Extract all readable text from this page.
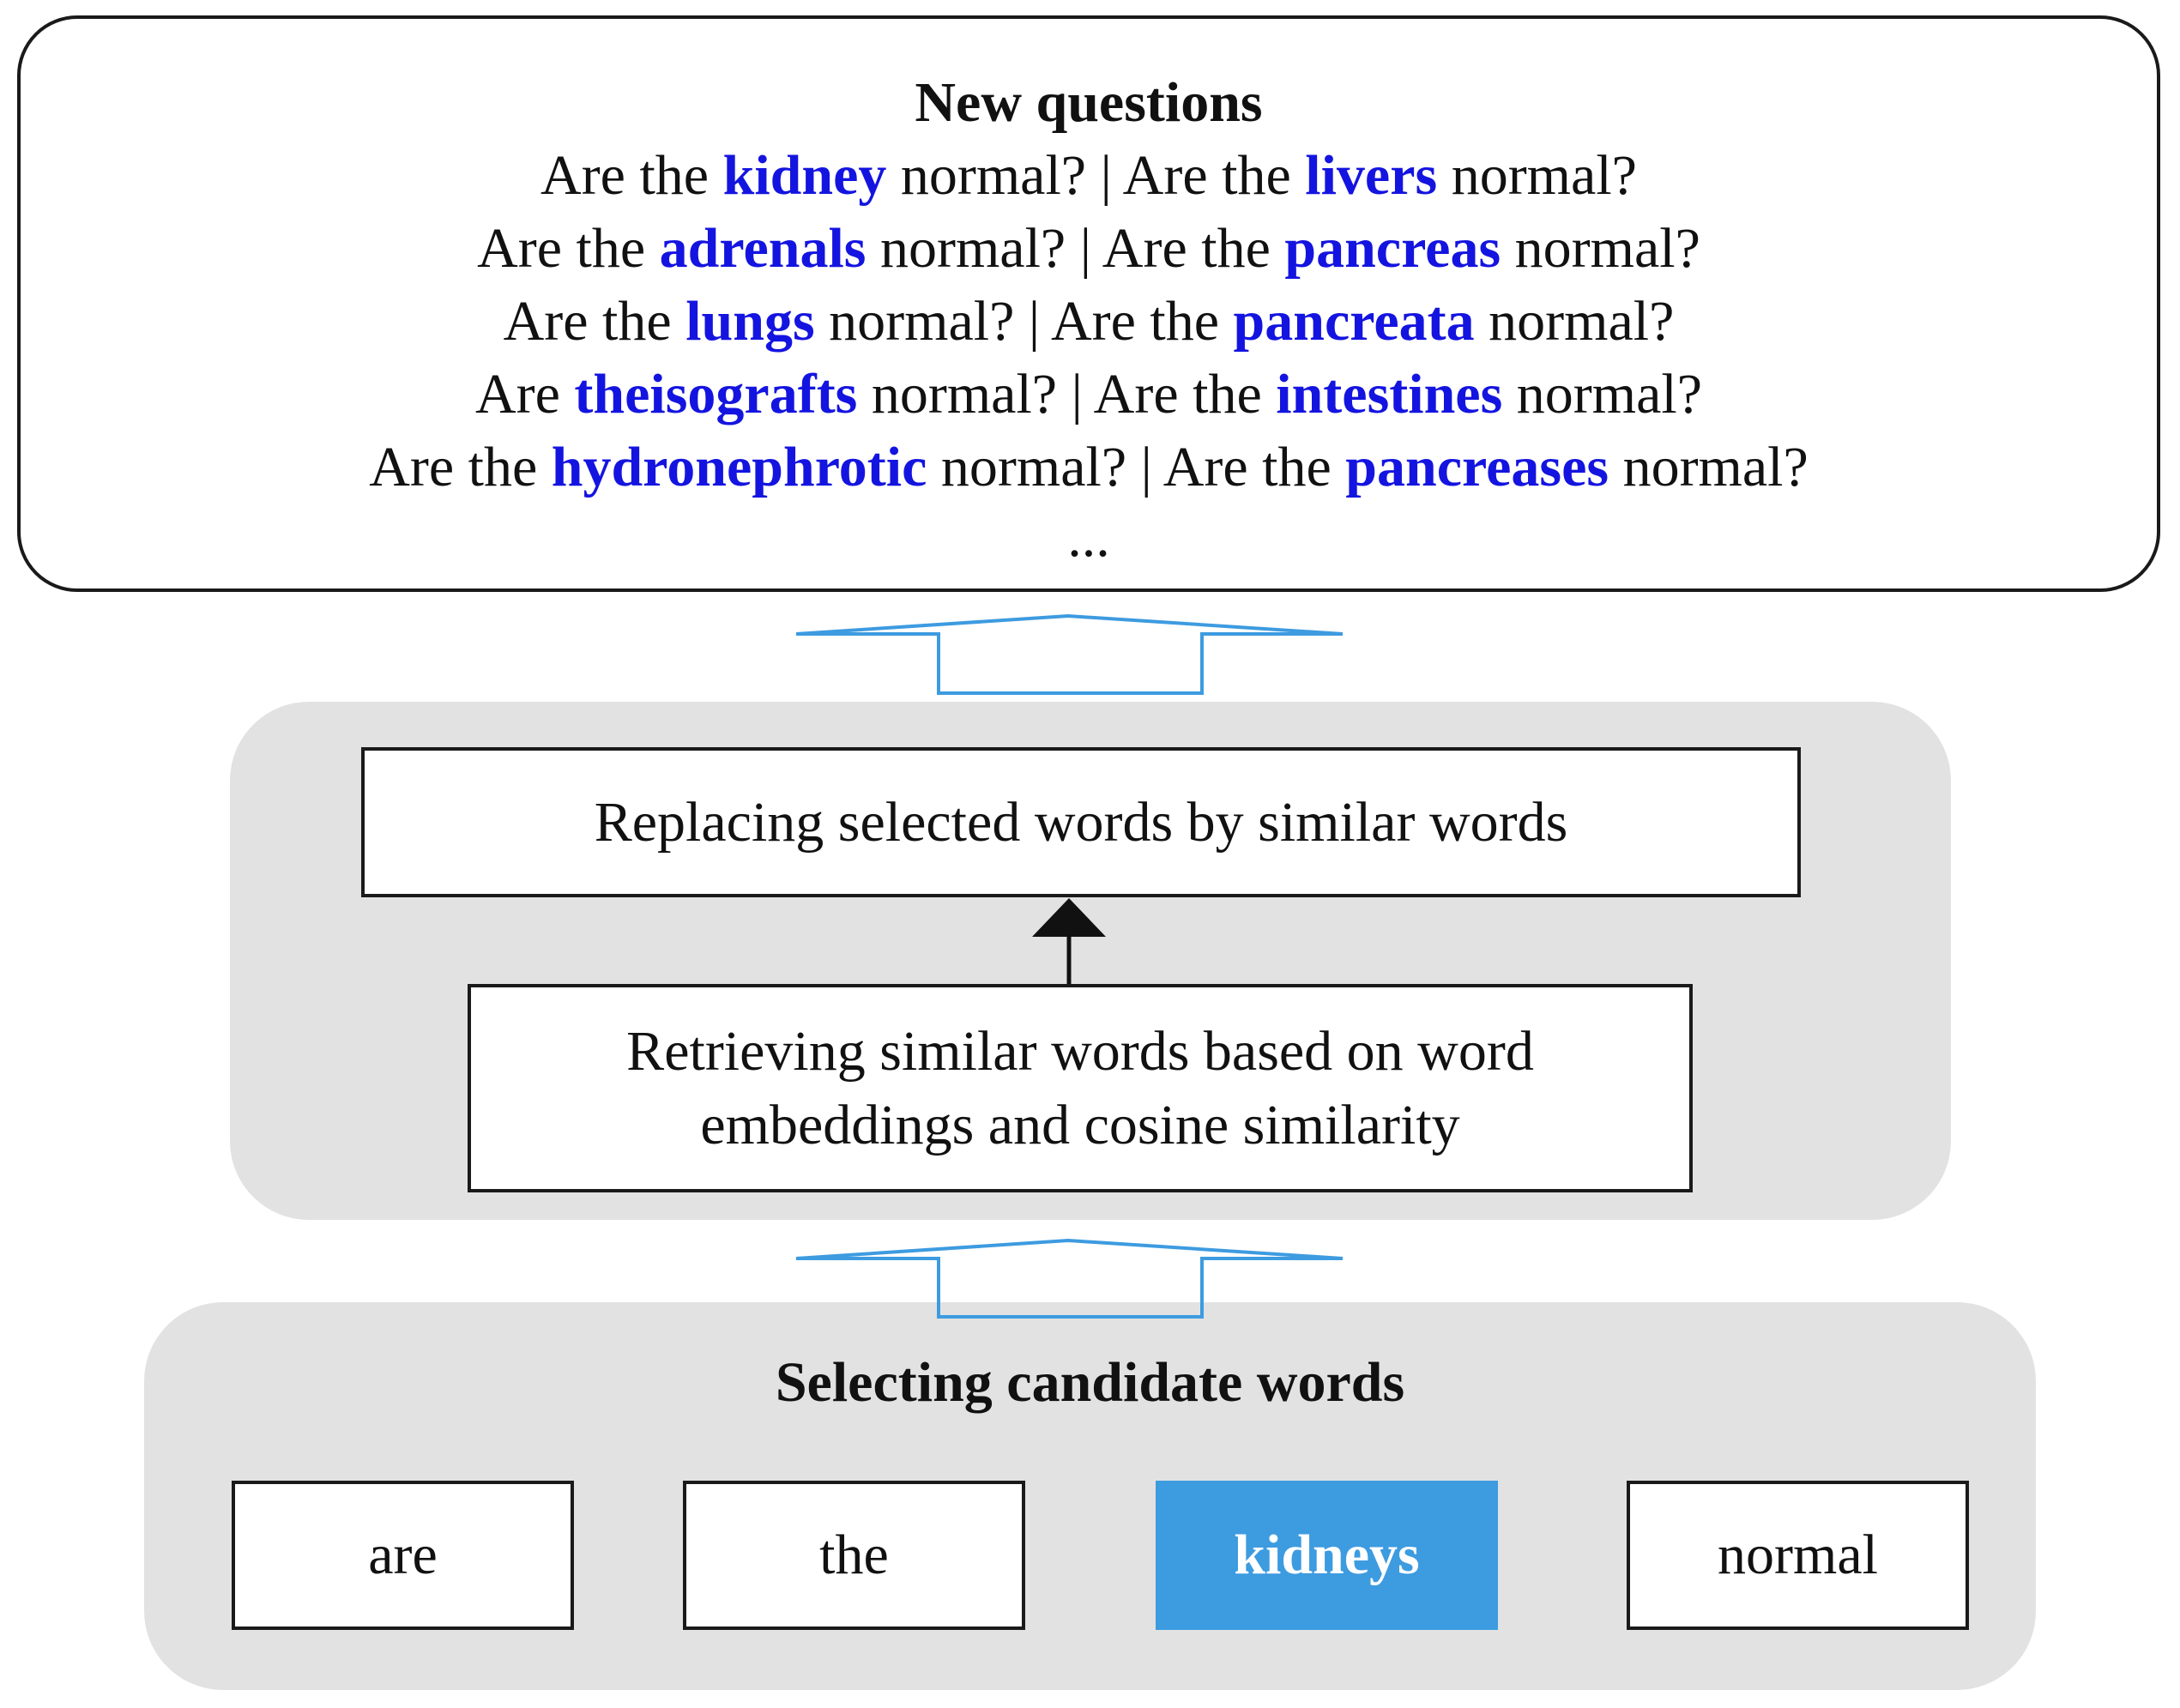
New questions
Are the kidney normal? | Are the livers normal?
Are the adrenals normal? | Are the pancreas normal?
Are the lungs normal? | Are the pancreata normal?
Are theisografts normal? | Are the intestines normal?
Are the hydronephrotic normal? | Are the pancreases normal?
...
Replacing selected words by similar words
Retrieving similar words based on word embeddings and cosine similarity
Selecting candidate words
are	the	kidneys	normal
